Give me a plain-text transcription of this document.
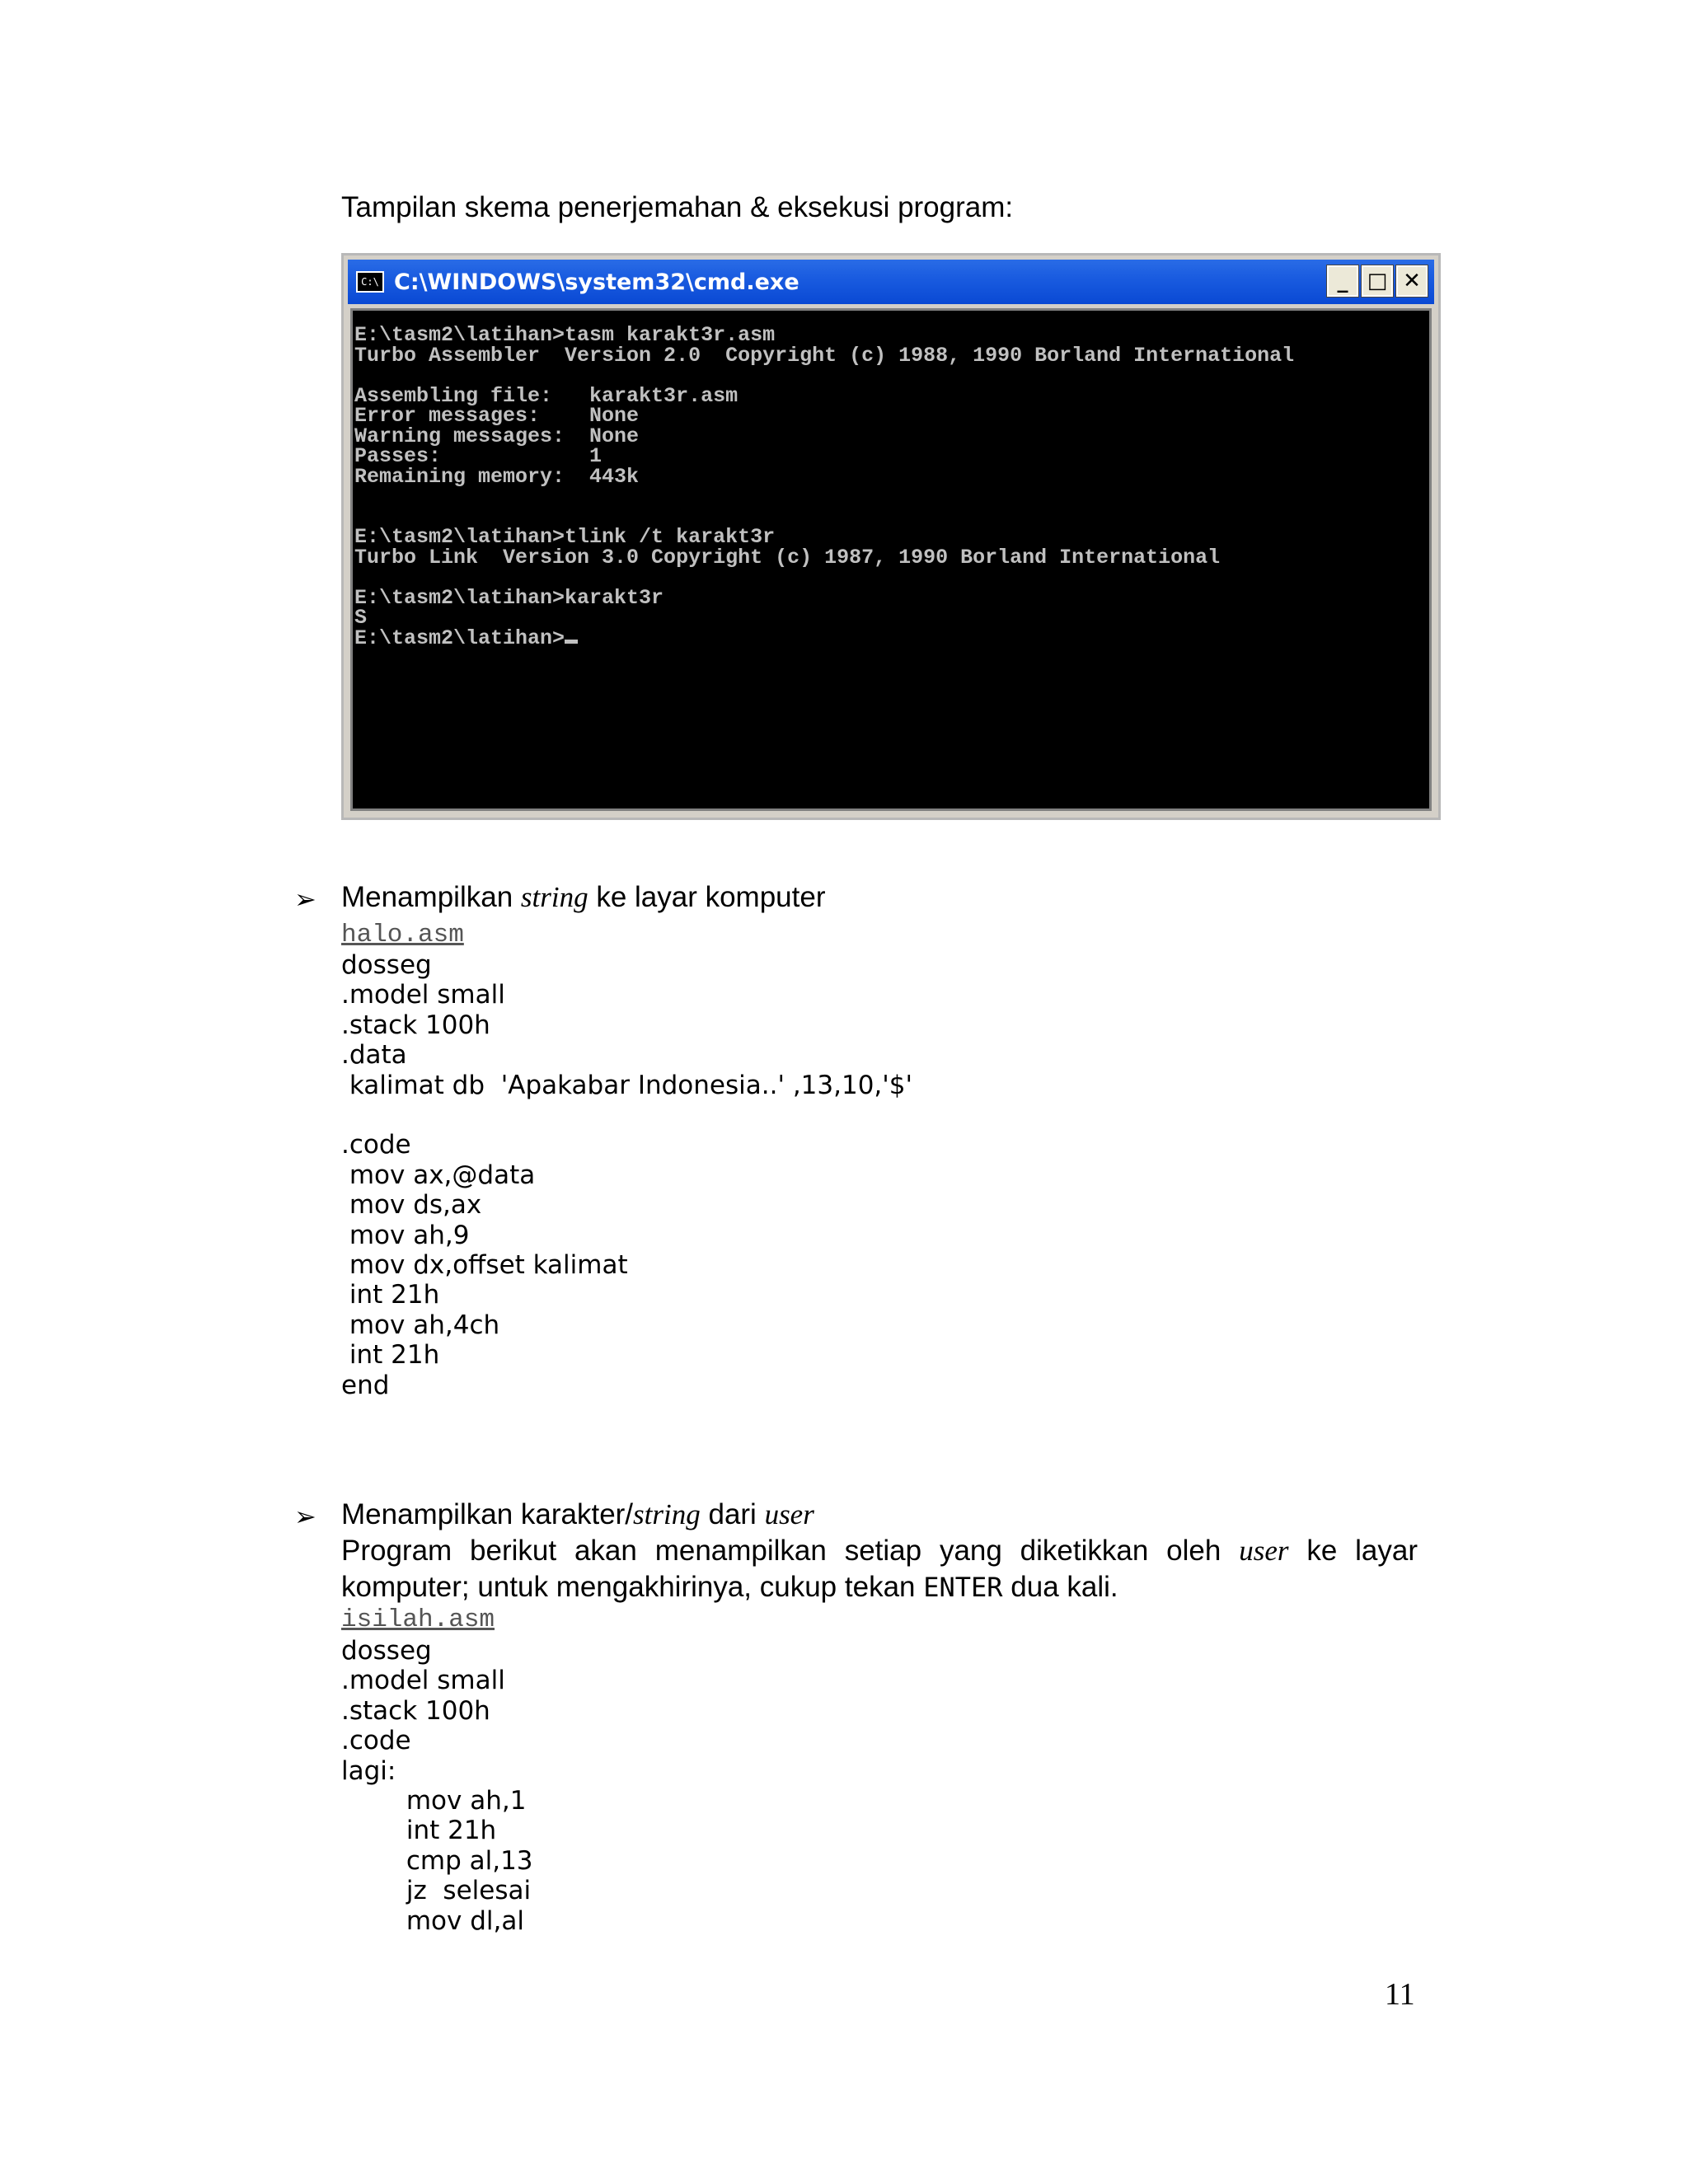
Tampilan skema penerjemahan & eksekusi program:

C:\ C:\WINDOWS\system32\cmd.exe	_ □ ✕
E:\tasm2\latihan>tasm karakt3r.asm
Turbo Assembler  Version 2.0  Copyright (c) 1988, 1990 Borland International

Assembling file:   karakt3r.asm
Error messages:    None
Warning messages:  None
Passes:            1
Remaining memory:  443k

E:\tasm2\latihan>tlink /t karakt3r
Turbo Link  Version 3.0 Copyright (c) 1987, 1990 Borland International

E:\tasm2\latihan>karakt3r
S
E:\tasm2\latihan>
➢ Menampilkan string ke layar komputer

halo.asm
dosseg
.model small
.stack 100h
.data
kalimat db  'Apakabar Indonesia..' ,13,10,'$'

.code
mov ax,@data
mov ds,ax
mov ah,9
mov dx,offset kalimat
int 21h
mov ah,4ch
int 21h
end
➢ Menampilkan karakter/string dari user

Program berikut akan menampilkan setiap yang diketikkan oleh user ke layar komputer; untuk mengakhirinya, cukup tekan ENTER dua kali.

isilah.asm
dosseg
.model small
.stack 100h
.code
lagi:
mov ah,1
int 21h
cmp al,13
jz  selesai
mov dl,al
11
